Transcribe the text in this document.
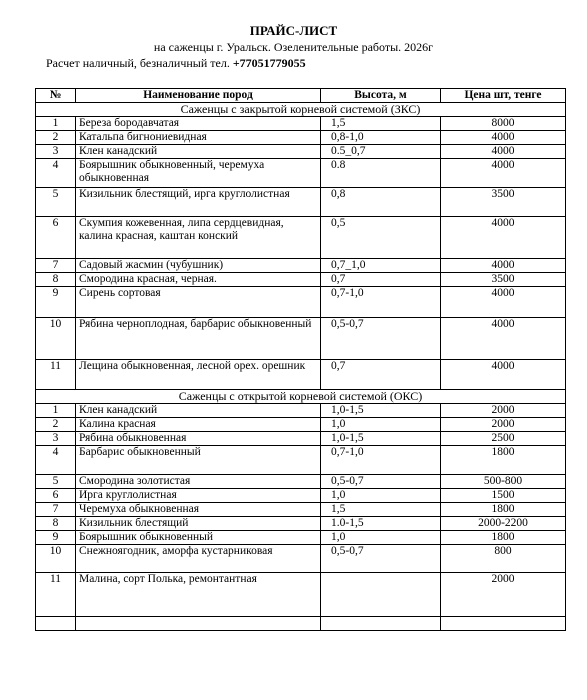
ПРАЙС-ЛИСТ
на саженцы г. Уральск. Озеленительные работы. 2026г
Расчет наличный, безналичный тел. +77051779055
№	Наименование пород	Высота, м	Цена шт, тенге
Саженцы с закрытой корневой системой (ЗКС)			
1	Береза бородавчатая	1,5	8000
2	Катальпа бигнониевидная	0,8-1,0	4000
3	Клен канадский	0.5_0,7	4000
4	Боярышник обыкновенный, черемуха обыкновенная	0.8	4000
5	Кизильник блестящий, ирга круглолистная	0,8	3500
6	Скумпия кожевенная, липа сердцевидная, калина красная, каштан конский	0,5	4000
7	Садовый жасмин (чубушник)	0,7_1,0	4000
8	Смородина красная, черная.	0,7	3500
9	Сирень сортовая	0,7-1,0	4000
10	Рябина черноплодная, барбарис обыкновенный	0,5-0,7	4000
11	Лещина обыкновенная, лесной орех. орешник	0,7	4000
Саженцы с открытой корневой системой (ОКС)			
1	Клен канадский	1,0-1,5	2000
2	Калина красная	1,0	2000
3	Рябина обыкновенная	1,0-1,5	2500
4	Барбарис обыкновенный	0,7-1,0	1800
5	Смородина золотистая	0,5-0,7	500-800
6	Ирга круглолистная	1,0	1500
7	Черемуха обыкновенная	1,5	1800
8	Кизильник блестящий	1.0-1,5	2000-2200
9	Боярышник обыкновенный	1,0	1800
10	Снежноягодник, аморфа кустарниковая	0,5-0,7	800
11	Малина, сорт Полька, ремонтантная		2000
